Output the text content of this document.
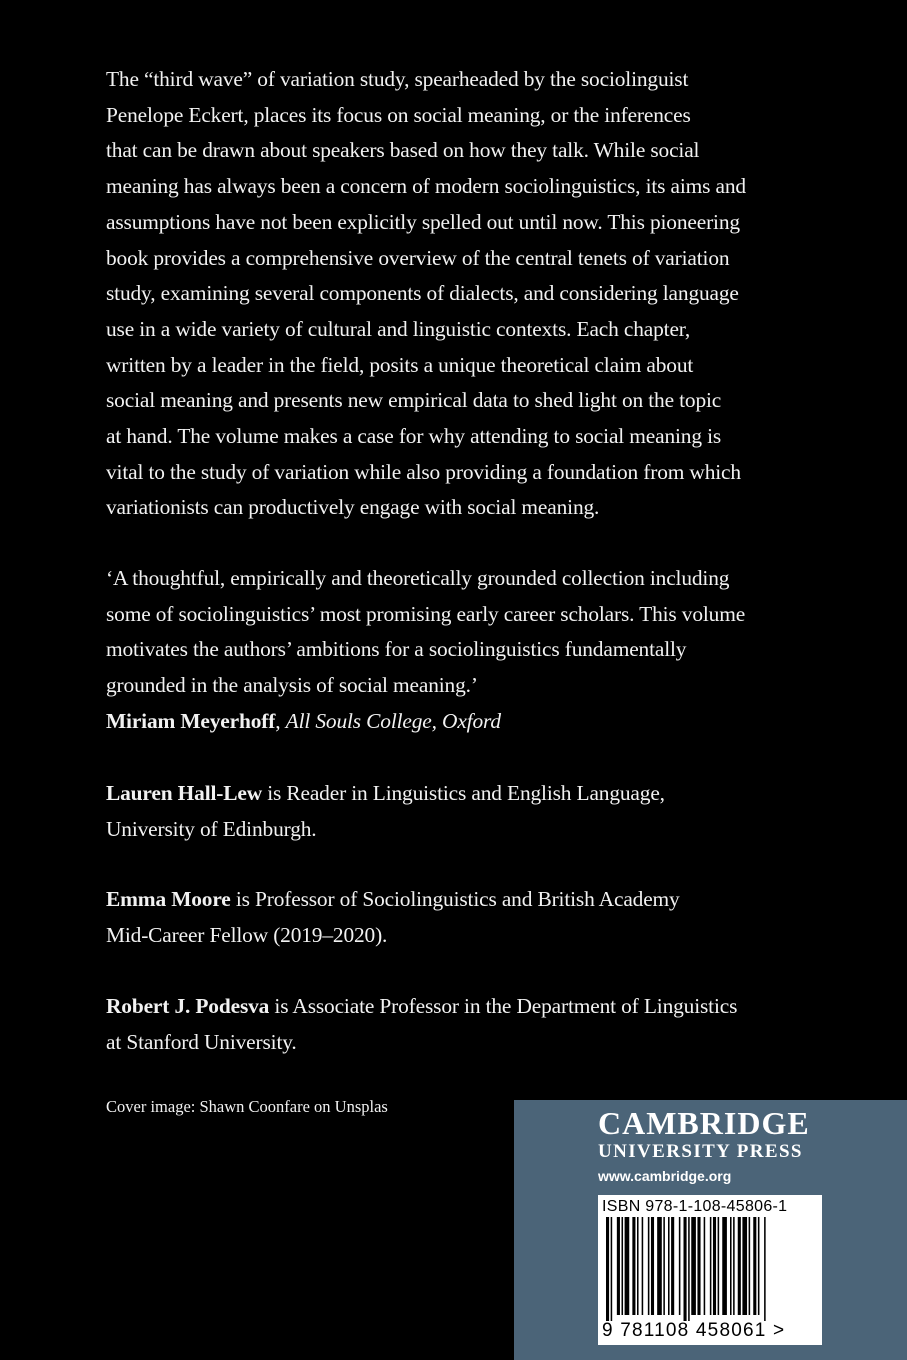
The “third wave” of variation study, spearheaded by the sociolinguist
Penelope Eckert, places its focus on social meaning, or the inferences
that can be drawn about speakers based on how they talk. While social
meaning has always been a concern of modern sociolinguistics, its aims and
assumptions have not been explicitly spelled out until now. This pioneering
book provides a comprehensive overview of the central tenets of variation
study, examining several components of dialects, and considering language
use in a wide variety of cultural and linguistic contexts. Each chapter,
written by a leader in the field, posits a unique theoretical claim about
social meaning and presents new empirical data to shed light on the topic
at hand. The volume makes a case for why attending to social meaning is
vital to the study of variation while also providing a foundation from which
variationists can productively engage with social meaning.

‘A thoughtful, empirically and theoretically grounded collection including
some of sociolinguistics’ most promising early career scholars. This volume
motivates the authors’ ambitions for a sociolinguistics fundamentally
grounded in the analysis of social meaning.’
Miriam Meyerhoff, All Souls College, Oxford

Lauren Hall-Lew is Reader in Linguistics and English Language,
University of Edinburgh.

Emma Moore is Professor of Sociolinguistics and British Academy
Mid-Career Fellow (2019–2020).

Robert J. Podesva is Associate Professor in the Department of Linguistics
at Stanford University.

Cover image: Shawn Coonfare on Unsplas	CAMBRIDGE

UNIVERSITY PRESS

www.cambridge.org

ISBN 978-1-108-45806-1

9 781108 458061 >
